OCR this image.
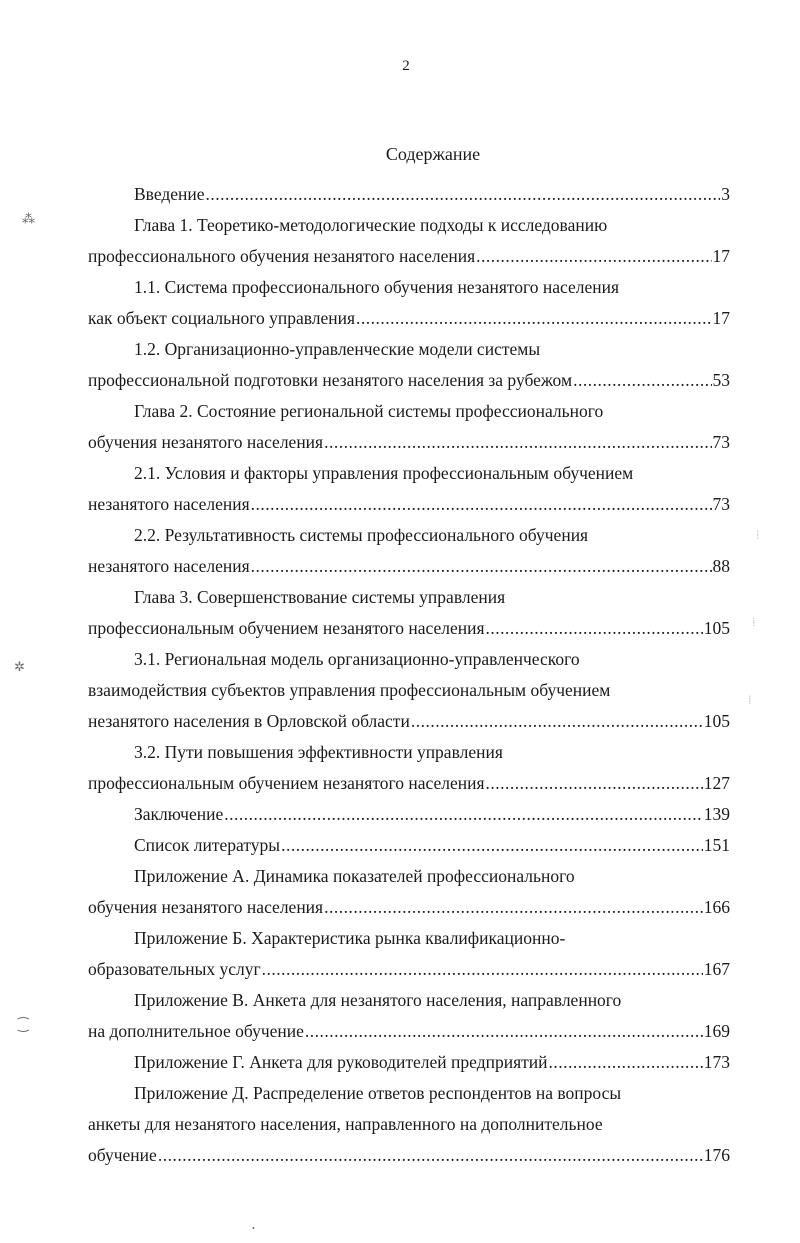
2
Содержание
Введение .....	3
Глава 1. Теоретико-методологические подходы к исследованию
профессионального обучения незанятого населения .....	17
1.1. Система профессионального обучения незанятого населения
как объект социального управления .....	17
1.2. Организационно-управленческие модели системы
профессиональной подготовки незанятого населения за рубежом .....	53
Глава 2. Состояние региональной системы профессионального
обучения незанятого населения .....	73
2.1. Условия и факторы управления профессиональным обучением
незанятого населения .....	73
2.2. Результативность системы профессионального обучения
незанятого населения .....	88
Глава 3. Совершенствование системы управления
профессиональным обучением незанятого населения .....	105
3.1. Региональная модель организационно-управленческого
взаимодействия субъектов управления профессиональным обучением
незанятого населения в Орловской области .....	105
3.2. Пути повышения эффективности управления
профессиональным обучением незанятого населения .....	127
Заключение .....	139
Список литературы .....	151
Приложение А. Динамика показателей профессионального
обучения незанятого населения .....	166
Приложение Б. Характеристика рынка квалификационно-
образовательных услуг .....	167
Приложение В. Анкета для незанятого населения, направленного
на дополнительное обучение .....	169
Приложение Г. Анкета для руководителей предприятий .....	173
Приложение Д. Распределение ответов респондентов на вопросы
анкеты для незанятого населения, направленного на дополнительное
обучение .....	176
⁂
✲
⁐
⁞
⁞
⁞
•
